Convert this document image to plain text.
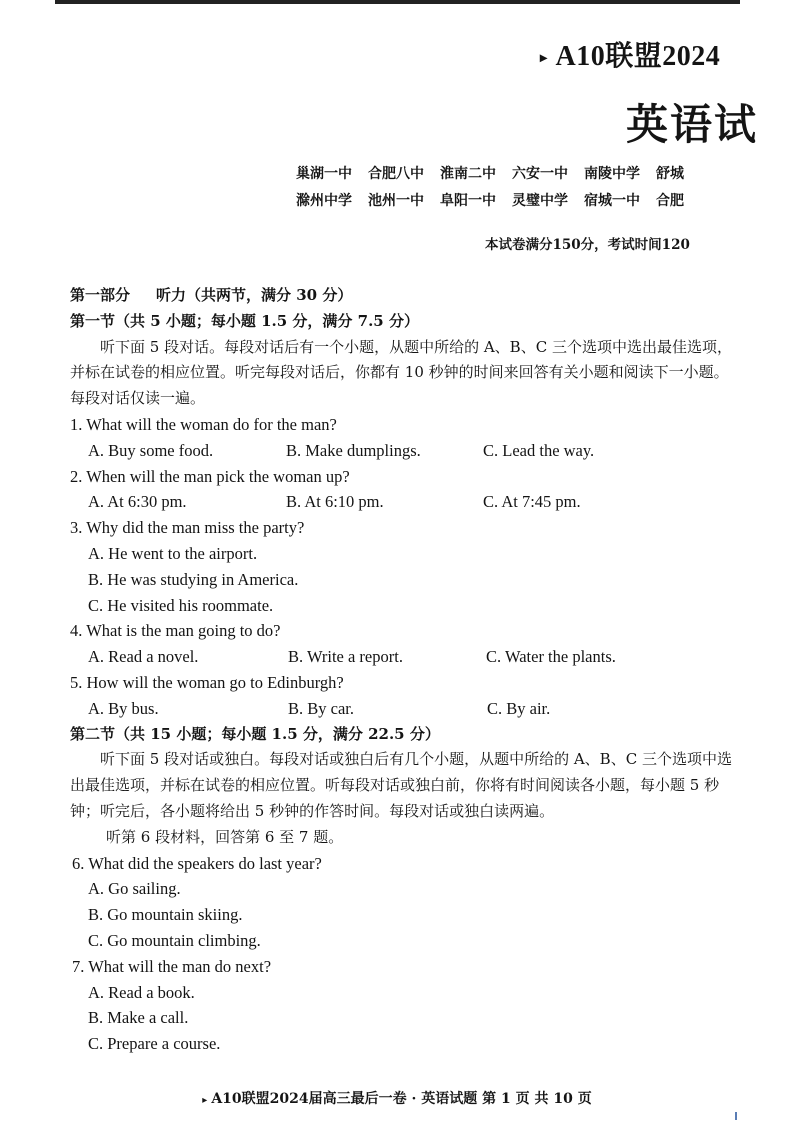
▸ A10联盟2024
英语试
巢湖一中 合肥八中 淮南二中 六安一中 南陵中学 舒城
滁州中学 池州一中 阜阳一中 灵璧中学 宿城一中 合肥
本试卷满分150分，考试时间120
第一部分 听力（共两节，满分 30 分）
第一节（共 5 小题；每小题 1.5 分，满分 7.5 分）
听下面 5 段对话。每段对话后有一个小题，从题中所给的 A、B、C 三个选项中选出最佳选项，并标在试卷的相应位置。听完每段对话后，你都有 10 秒钟的时间来回答有关小题和阅读下一小题。每段对话仅读一遍。
1. What will the woman do for the man?
A. Buy some food.	B. Make dumplings.	C. Lead the way.
2. When will the man pick the woman up?
A. At 6:30 pm.	B. At 6:10 pm.	C. At 7:45 pm.
3. Why did the man miss the party?
A. He went to the airport.
B. He was studying in America.
C. He visited his roommate.
4. What is the man going to do?
A. Read a novel.	B. Write a report.	C. Water the plants.
5. How will the woman go to Edinburgh?
A. By bus.	B. By car.	C. By air.
第二节（共 15 小题；每小题 1.5 分，满分 22.5 分）
听下面 5 段对话或独白。每段对话或独白后有几个小题，从题中所给的 A、B、C 三个选项中选出最佳选项，并标在试卷的相应位置。听每段对话或独白前，你将有时间阅读各小题，每小题 5 秒钟；听完后，各小题将给出 5 秒钟的作答时间。每段对话或独白读两遍。
听第 6 段材料，回答第 6 至 7 题。
6. What did the speakers do last year?
A. Go sailing.
B. Go mountain skiing.
C. Go mountain climbing.
7. What will the man do next?
A. Read a book.
B. Make a call.
C. Prepare a course.
▸ A10联盟2024届高三最后一卷 · 英语试题 第 1 页 共 10 页
